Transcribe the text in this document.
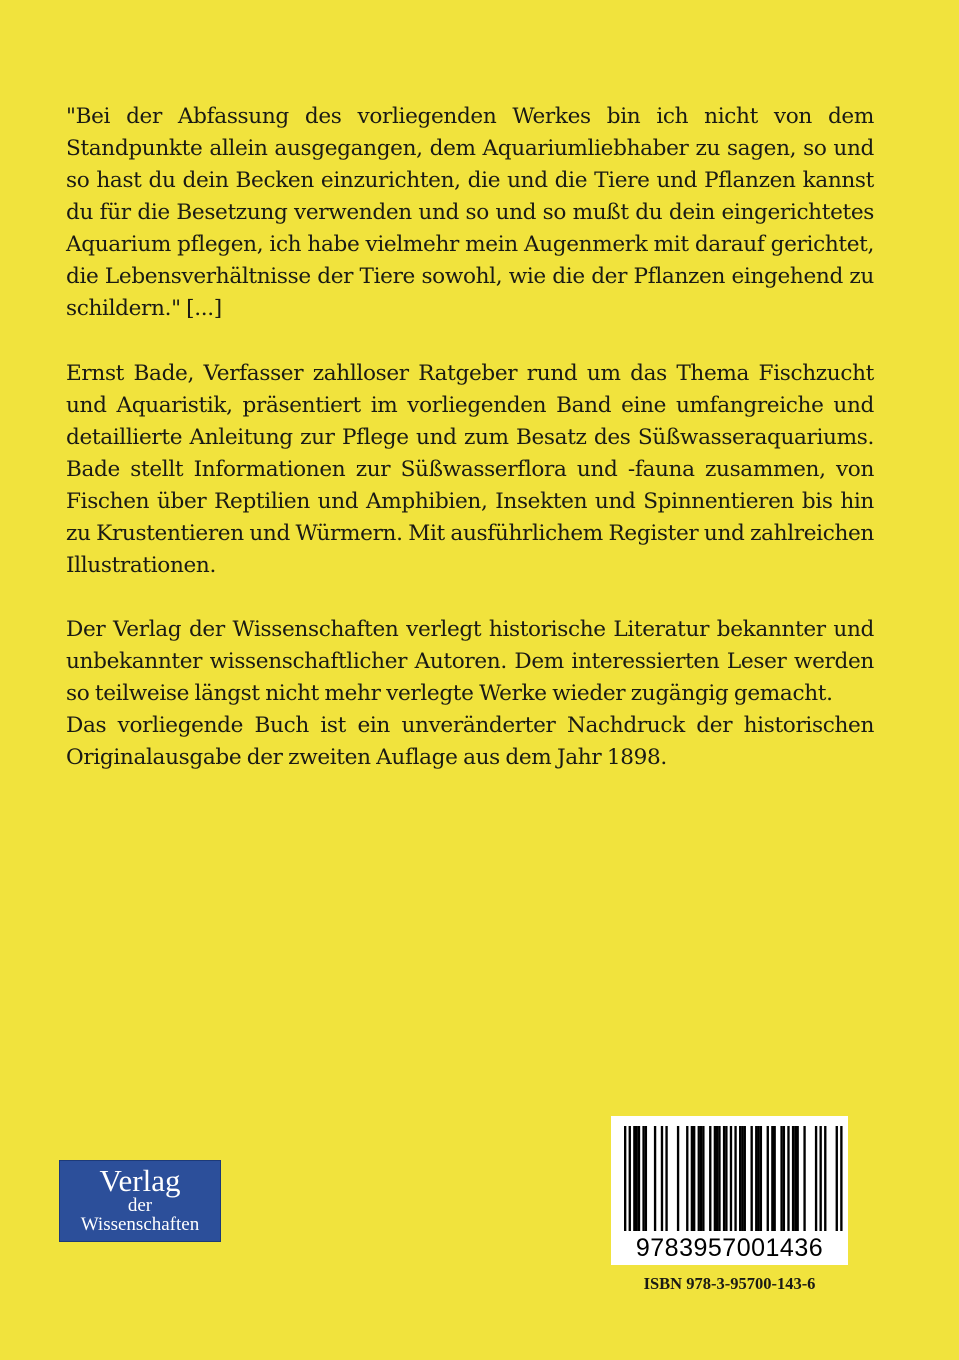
"Bei der Abfassung des vorliegenden Werkes bin ich nicht von dem Standpunkte allein ausgegangen, dem Aquariumliebhaber zu sagen, so und so hast du dein Becken einzurichten, die und die Tiere und Pflanzen kannst du für die Besetzung verwenden und so und so mußt du dein eingerichtetes Aquarium pflegen, ich habe vielmehr mein Augenmerk mit darauf gerichtet, die Lebensverhältnisse der Tiere sowohl, wie die der Pflanzen eingehend zu schildern." [...]

Ernst Bade, Verfasser zahlloser Ratgeber rund um das Thema Fischzucht und Aquaristik, präsentiert im vorliegenden Band eine umfangreiche und detaillierte Anleitung zur Pflege und zum Besatz des Süßwasseraquariums. Bade stellt Informationen zur Süßwasserflora und -fauna zusammen, von Fischen über Reptilien und Amphibien, Insekten und Spinnentieren bis hin zu Krustentieren und Würmern. Mit ausführlichem Register und zahlreichen Illustrationen.

Der Verlag der Wissenschaften verlegt historische Literatur bekannter und unbekannter wissenschaftlicher Autoren. Dem interessierten Leser werden so teilweise längst nicht mehr verlegte Werke wieder zugängig gemacht.

Das vorliegende Buch ist ein unveränderter Nachdruck der historischen Originalausgabe der zweiten Auflage aus dem Jahr 1898.

Verlag
der
Wissenschaften
9783957001436
ISBN 978-3-95700-143-6
